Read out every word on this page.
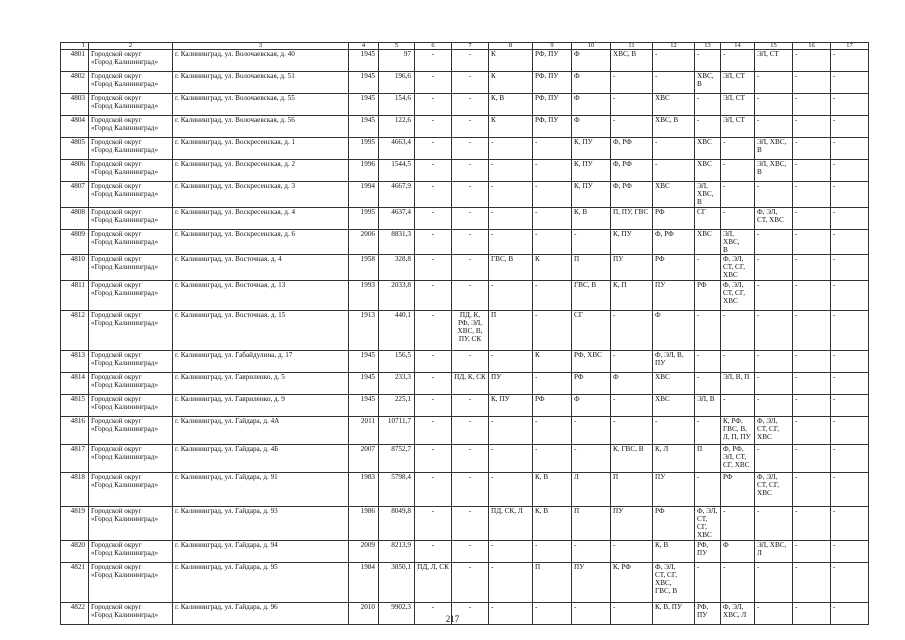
1	2	3	4	5	6	7	8	9	10	11	12	13	14	15	16	17
4801	Городской округ
«Город Калининград»	г. Калининград, ул. Волочаевская, д. 40	1945	97	-	-	К	РФ, ПУ	Ф	ХВС, В	-	-	-	ЭЛ, СТ	-	-
4802	Городской округ
«Город Калининград»	г. Калининград, ул. Волочаевская, д. 51	1945	196,6	-	-	К	РФ, ПУ	Ф	-	-	ХВС, В	ЭЛ, СТ	-	-	-
4803	Городской округ
«Город Калининград»	г. Калининград, ул. Волочаевская, д. 55	1945	154,6	-	-	К, В	РФ, ПУ	Ф	-	ХВС	-	ЭЛ, СТ	-	-	-
4804	Городской округ
«Город Калининград»	г. Калининград, ул. Волочаевская, д. 56	1945	122,6	-	-	К	РФ, ПУ	Ф	-	ХВС, В	-	ЭЛ, СТ	-	-	-
4805	Городской округ
«Город Калининград»	г. Калининград, ул. Воскресенская, д. 1	1995	4663,4	-	-	-	-	К, ПУ	Ф, РФ	-	ХВС	-	ЭЛ, ХВС,
В	-	-
4806	Городской округ
«Город Калининград»	г. Калининград, ул. Воскресенская, д. 2	1996	1544,5	-	-	-	-	К, ПУ	Ф, РФ	-	ХВС	-	ЭЛ, ХВС,
В	-	-
4807	Городской округ
«Город Калининград»	г. Калининград, ул. Воскресенская, д. 3	1994	4667,9	-	-	-	-	К, ПУ	Ф, РФ	ХВС	ЭЛ,
ХВС, В	-	-	-	-
4808	Городской округ
«Город Калининград»	г. Калининград, ул. Воскресенская, д. 4	1995	4637,4	-	-	-	-	К, В	П, ПУ, ГВС	РФ	СГ	-	Ф, ЭЛ,
СТ, ХВС	-	-
4809	Городской округ
«Город Калининград»	г. Калининград, ул. Воскресенская, д. 6	2006	8831,3	-	-	-	-	-	К, ПУ	Ф, РФ	ХВС	ЭЛ, ХВС,
В	-	-	-
4810	Городской округ
«Город Калининград»	г. Калининград, ул. Восточная, д. 4	1958	328,8	-	-	ГВС, В	К	П	ПУ	РФ	-	Ф, ЭЛ,
СТ, СГ,
ХВС	-	-	-
4811	Городской округ
«Город Калининград»	г. Калининград, ул. Восточная, д. 13	1993	2033,8	-	-	-	-	ГВС, В	К, П	ПУ	РФ	Ф, ЭЛ,
СТ, СГ,
ХВС	-	-	-
4812	Городской округ
«Город Калининград»	г. Калининград, ул. Восточная, д. 15	1913	440,1	-	ПД, К,
РФ, ЭЛ,
ХВС, В,
ПУ, СК	П	-	СГ	-	Ф	-	-	-	-	-
4813	Городской округ
«Город Калининград»	г. Калининград, ул. Габайдулина, д. 17	1945	156,5	-	-	-	К	РФ, ХВС	-	Ф, ЭЛ, В,
ПУ	-	-	-	-	-
4814	Городской округ
«Город Калининград»	г. Калининград, ул. Гавриленко, д. 5	1945	233,3	-	ПД, К, СК	ПУ	-	РФ	Ф	ХВС	-	ЭЛ, В, П	-	-	-
4815	Городской округ
«Город Калининград»	г. Калининград, ул. Гавриленко, д. 9	1945	225,1	-	-	К, ПУ	РФ	Ф	-	ХВС	ЭЛ, В	-	-	-	-
4816	Городской округ
«Город Калининград»	г. Калининград, ул. Гайдара, д. 4А	2011	10711,7	-	-	-	-	-	-	-	-	К, РФ,
ГВС, В,
Л, П, ПУ	Ф, ЭЛ,
СТ, СГ,
ХВС	-	-
4817	Городской округ
«Город Калининград»	г. Калининград, ул. Гайдара, д. 4Б	2007	8752,7	-	-	-	-	-	К, ГВС, В	К, Л	П	Ф, РФ,
ЭЛ, СТ,
СГ, ХВС	-	-	-
4818	Городской округ
«Город Калининград»	г. Калининград, ул. Гайдара, д. 91	1983	5798,4	-	-	-	К, В	Л	П	ПУ	-	РФ	Ф, ЭЛ,
СТ, СГ,
ХВС	-	-
4819	Городской округ
«Город Калининград»	г. Калининград, ул. Гайдара, д. 93	1986	8049,8	-	-	ПД, СК, Л	К, В	П	ПУ	РФ	Ф, ЭЛ,
СТ, СГ,
ХВС	-	-	-	-
4820	Городской округ
«Город Калининград»	г. Калининград, ул. Гайдара, д. 94	2009	8213,9	-	-	-	-	-	-	К, В	РФ, ПУ	Ф	ЭЛ, ХВС,
Л	-	-
4821	Городской округ
«Город Калининград»	г. Калининград, ул. Гайдара, д. 95	1984	3850,1	ПД, Л, СК	-	-	П	ПУ	К, РФ	Ф, ЭЛ,
СТ, СГ,
ХВС,
ГВС, В	-	-	-	-	-
4822	Городской округ
«Город Калининград»	г. Калининград, ул. Гайдара, д. 96	2010	9902,3	-	-	-	-	-	-	К, В, ПУ	РФ, ПУ	Ф, ЭЛ,
ХВС, Л	-	-	-
217
